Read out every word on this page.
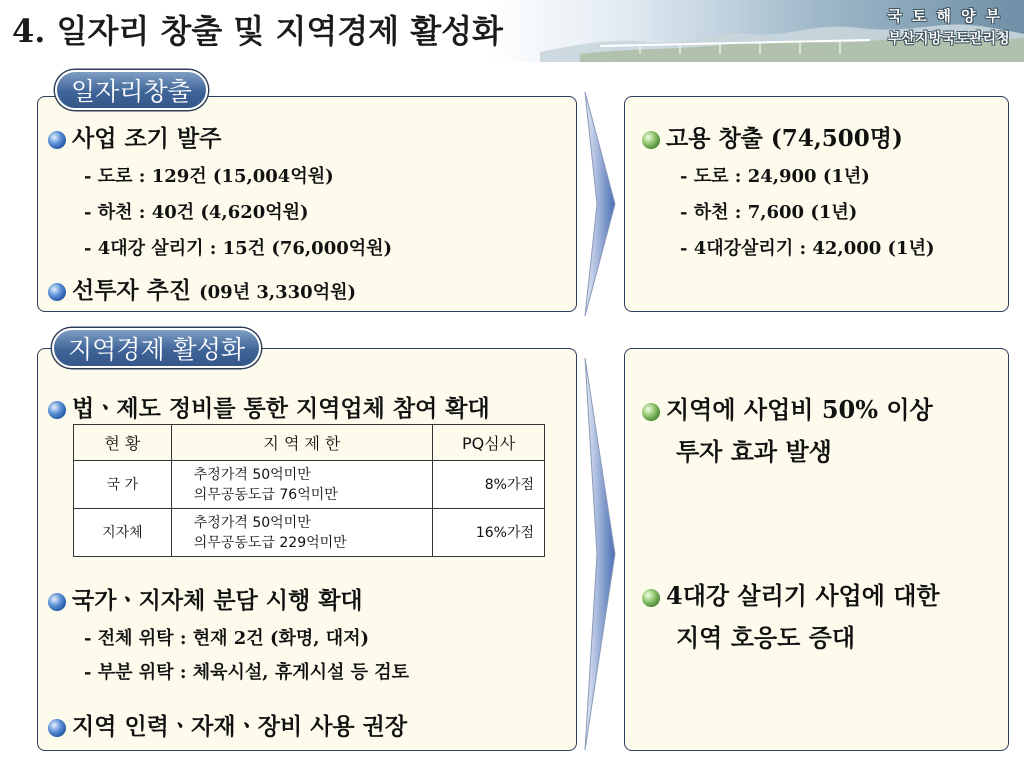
4. 일자리 창출 및 지역경제 활성화	국토해양부
부산지방국토관리청
일자리창출
사업 조기 발주
- 도로 : 129건 (15,004억원)
- 하천 : 40건 (4,620억원)
- 4대강 살리기 : 15건 (76,000억원)
선투자 추진 (09년 3,330억원)
고용 창출 (74,500명)
- 도로 : 24,900 (1년)
- 하천 : 7,600 (1년)
- 4대강살리기 : 42,000 (1년)
지역경제 활성화
법ㆍ제도 정비를 통한 지역업체 참여 확대
현 황	지 역 제 한	PQ심사
국 가	추정가격 50억미만
의무공동도급 76억미만	8%가점
지자체	추정가격 50억미만
의무공동도급 229억미만	16%가점
국가ㆍ지자체 분담 시행 확대
- 전체 위탁 : 현재 2건 (화명, 대저)
- 부분 위탁 : 체육시설, 휴게시설 등 검토
지역 인력ㆍ자재ㆍ장비 사용 권장
지역에 사업비 50% 이상
투자 효과 발생
4대강 살리기 사업에 대한
지역 호응도 증대
